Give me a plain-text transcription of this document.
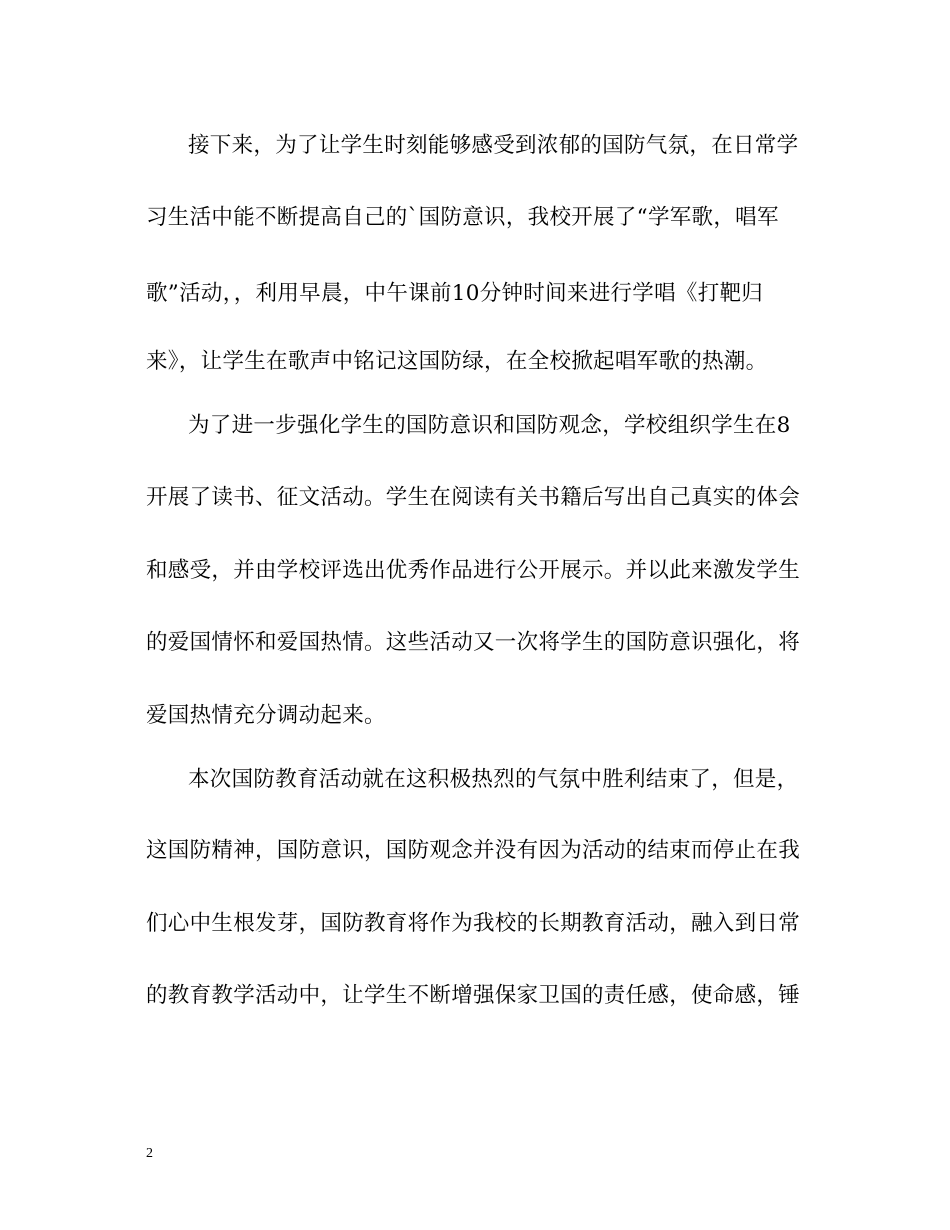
接下来，为了让学生时刻能够感受到浓郁的国防气氛，在日常学
习生活中能不断提高自己的`国防意识，我校开展了“学军歌，唱军
歌”活动，，利用早晨，中午课前10分钟时间来进行学唱《打靶归
来》，让学生在歌声中铭记这国防绿，在全校掀起唱军歌的热潮。
为了进一步强化学生的国防意识和国防观念，学校组织学生在8
开展了读书、征文活动。学生在阅读有关书籍后写出自己真实的体会
和感受，并由学校评选出优秀作品进行公开展示。并以此来激发学生
的爱国情怀和爱国热情。这些活动又一次将学生的国防意识强化，将
爱国热情充分调动起来。
本次国防教育活动就在这积极热烈的气氛中胜利结束了，但是，
这国防精神，国防意识，国防观念并没有因为活动的结束而停止在我
们心中生根发芽，国防教育将作为我校的长期教育活动，融入到日常
的教育教学活动中，让学生不断增强保家卫国的责任感，使命感，锤
2
